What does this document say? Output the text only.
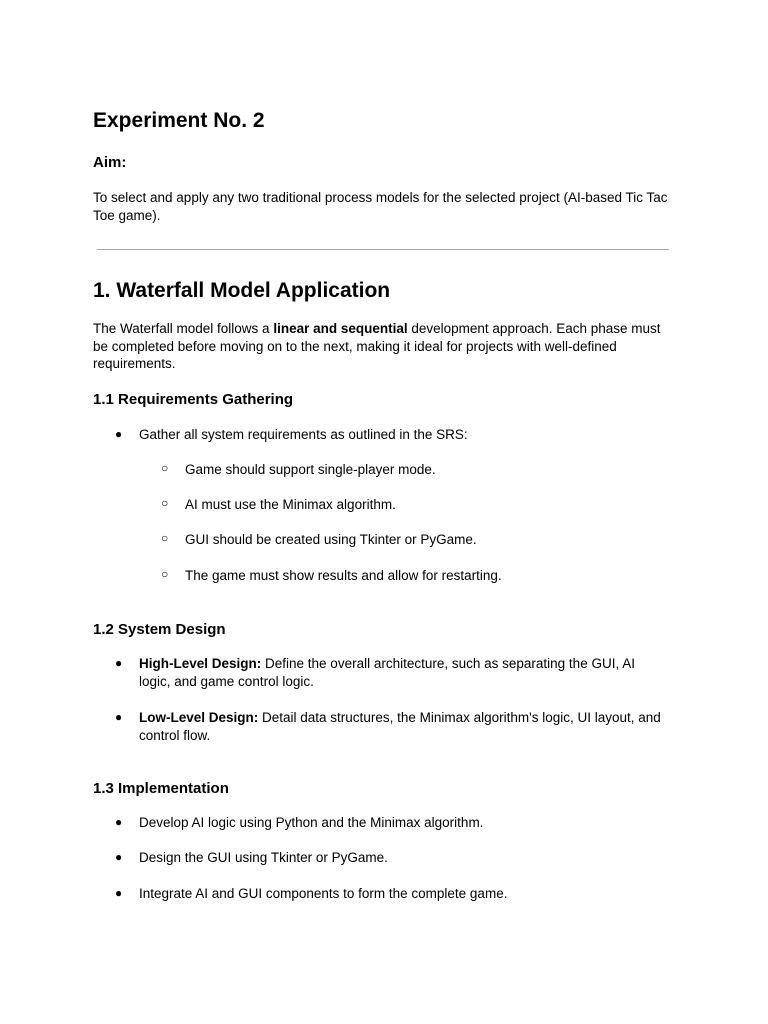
Experiment No. 2
Aim:

To select and apply any two traditional process models for the selected project (AI-based Tic Tac Toe game).

1. Waterfall Model Application

The Waterfall model follows a linear and sequential development approach. Each phase must be completed before moving on to the next, making it ideal for projects with well-defined requirements.

1.1 Requirements Gathering
● Gather all system requirements as outlined in the SRS:
○ Game should support single-player mode.
○ AI must use the Minimax algorithm.
○ GUI should be created using Tkinter or PyGame.
○ The game must show results and allow for restarting.
1.2 System Design
● High-Level Design: Define the overall architecture, such as separating the GUI, AI logic, and game control logic.
● Low-Level Design: Detail data structures, the Minimax algorithm's logic, UI layout, and control flow.
1.3 Implementation
● Develop AI logic using Python and the Minimax algorithm.
● Design the GUI using Tkinter or PyGame.
● Integrate AI and GUI components to form the complete game.
